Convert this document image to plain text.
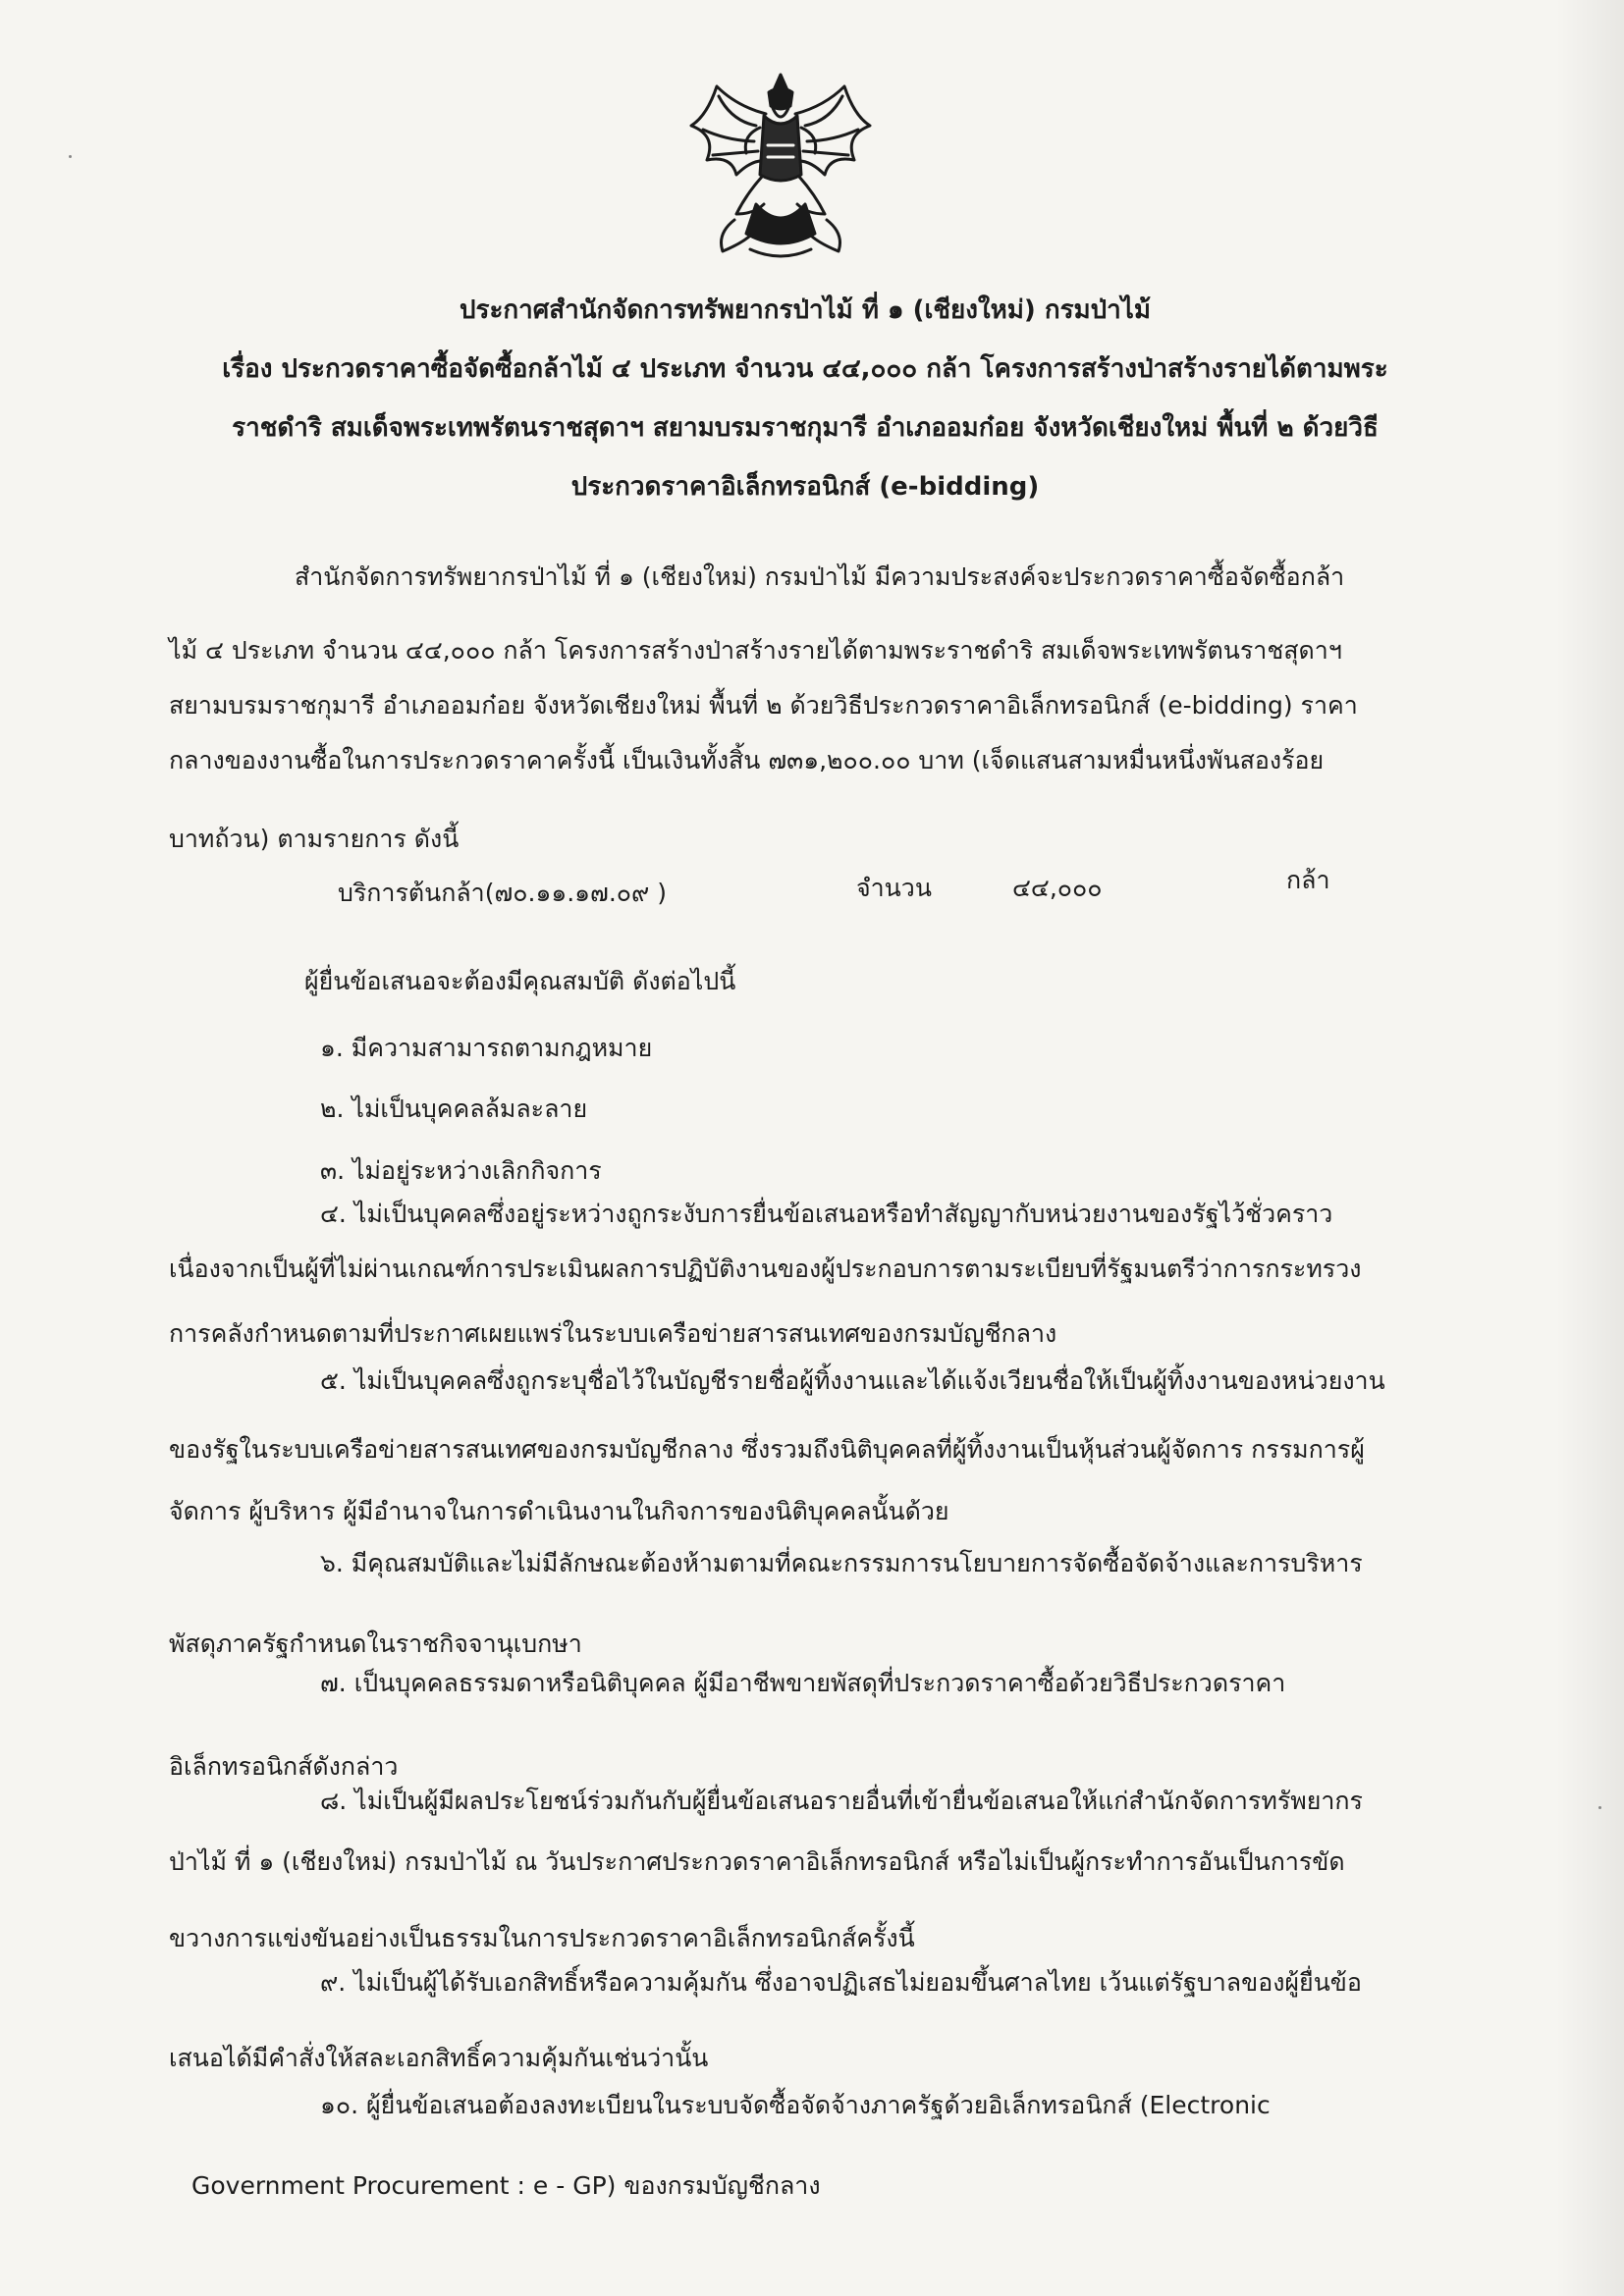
ประกาศสำนักจัดการทรัพยากรป่าไม้ ที่ ๑ (เชียงใหม่) กรมป่าไม้
เรื่อง ประกวดราคาซื้อจัดซื้อกล้าไม้ ๔ ประเภท จำนวน ๔๔,๐๐๐ กล้า โครงการสร้างป่าสร้างรายได้ตามพระ
ราชดำริ สมเด็จพระเทพรัตนราชสุดาฯ สยามบรมราชกุมารี อำเภออมก๋อย จังหวัดเชียงใหม่ พื้นที่ ๒ ด้วยวิธี
ประกวดราคาอิเล็กทรอนิกส์ (e-bidding)
สำนักจัดการทรัพยากรป่าไม้ ที่ ๑ (เชียงใหม่) กรมป่าไม้ มีความประสงค์จะประกวดราคาซื้อจัดซื้อกล้า
ไม้ ๔ ประเภท จำนวน ๔๔,๐๐๐ กล้า โครงการสร้างป่าสร้างรายได้ตามพระราชดำริ สมเด็จพระเทพรัตนราชสุดาฯ
สยามบรมราชกุมารี อำเภออมก๋อย จังหวัดเชียงใหม่ พื้นที่ ๒ ด้วยวิธีประกวดราคาอิเล็กทรอนิกส์ (e-bidding) ราคา
กลางของงานซื้อในการประกวดราคาครั้งนี้ เป็นเงินทั้งสิ้น ๗๓๑,๒๐๐.๐๐ บาท (เจ็ดแสนสามหมื่นหนึ่งพันสองร้อย
บาทถ้วน) ตามรายการ ดังนี้
บริการต้นกล้า(๗๐.๑๑.๑๗.๐๙ )	จำนวน	๔๔,๐๐๐	กล้า
ผู้ยื่นข้อเสนอจะต้องมีคุณสมบัติ ดังต่อไปนี้
๑. มีความสามารถตามกฎหมาย
๒. ไม่เป็นบุคคลล้มละลาย
๓. ไม่อยู่ระหว่างเลิกกิจการ
๔. ไม่เป็นบุคคลซึ่งอยู่ระหว่างถูกระงับการยื่นข้อเสนอหรือทำสัญญากับหน่วยงานของรัฐไว้ชั่วคราว
เนื่องจากเป็นผู้ที่ไม่ผ่านเกณฑ์การประเมินผลการปฏิบัติงานของผู้ประกอบการตามระเบียบที่รัฐมนตรีว่าการกระทรวง
การคลังกำหนดตามที่ประกาศเผยแพร่ในระบบเครือข่ายสารสนเทศของกรมบัญชีกลาง
๕. ไม่เป็นบุคคลซึ่งถูกระบุชื่อไว้ในบัญชีรายชื่อผู้ทิ้งงานและได้แจ้งเวียนชื่อให้เป็นผู้ทิ้งงานของหน่วยงาน
ของรัฐในระบบเครือข่ายสารสนเทศของกรมบัญชีกลาง ซึ่งรวมถึงนิติบุคคลที่ผู้ทิ้งงานเป็นหุ้นส่วนผู้จัดการ กรรมการผู้
จัดการ ผู้บริหาร ผู้มีอำนาจในการดำเนินงานในกิจการของนิติบุคคลนั้นด้วย
๖. มีคุณสมบัติและไม่มีลักษณะต้องห้ามตามที่คณะกรรมการนโยบายการจัดซื้อจัดจ้างและการบริหาร
พัสดุภาครัฐกำหนดในราชกิจจานุเบกษา
๗. เป็นบุคคลธรรมดาหรือนิติบุคคล ผู้มีอาชีพขายพัสดุที่ประกวดราคาซื้อด้วยวิธีประกวดราคา
อิเล็กทรอนิกส์ดังกล่าว
๘. ไม่เป็นผู้มีผลประโยชน์ร่วมกันกับผู้ยื่นข้อเสนอรายอื่นที่เข้ายื่นข้อเสนอให้แก่สำนักจัดการทรัพยากร
ป่าไม้ ที่ ๑ (เชียงใหม่) กรมป่าไม้ ณ วันประกาศประกวดราคาอิเล็กทรอนิกส์ หรือไม่เป็นผู้กระทำการอันเป็นการขัด
ขวางการแข่งขันอย่างเป็นธรรมในการประกวดราคาอิเล็กทรอนิกส์ครั้งนี้
๙. ไม่เป็นผู้ได้รับเอกสิทธิ์หรือความคุ้มกัน ซึ่งอาจปฏิเสธไม่ยอมขึ้นศาลไทย เว้นแต่รัฐบาลของผู้ยื่นข้อ
เสนอได้มีคำสั่งให้สละเอกสิทธิ์ความคุ้มกันเช่นว่านั้น
๑๐. ผู้ยื่นข้อเสนอต้องลงทะเบียนในระบบจัดซื้อจัดจ้างภาครัฐด้วยอิเล็กทรอนิกส์ (Electronic
Government Procurement : e - GP) ของกรมบัญชีกลาง
